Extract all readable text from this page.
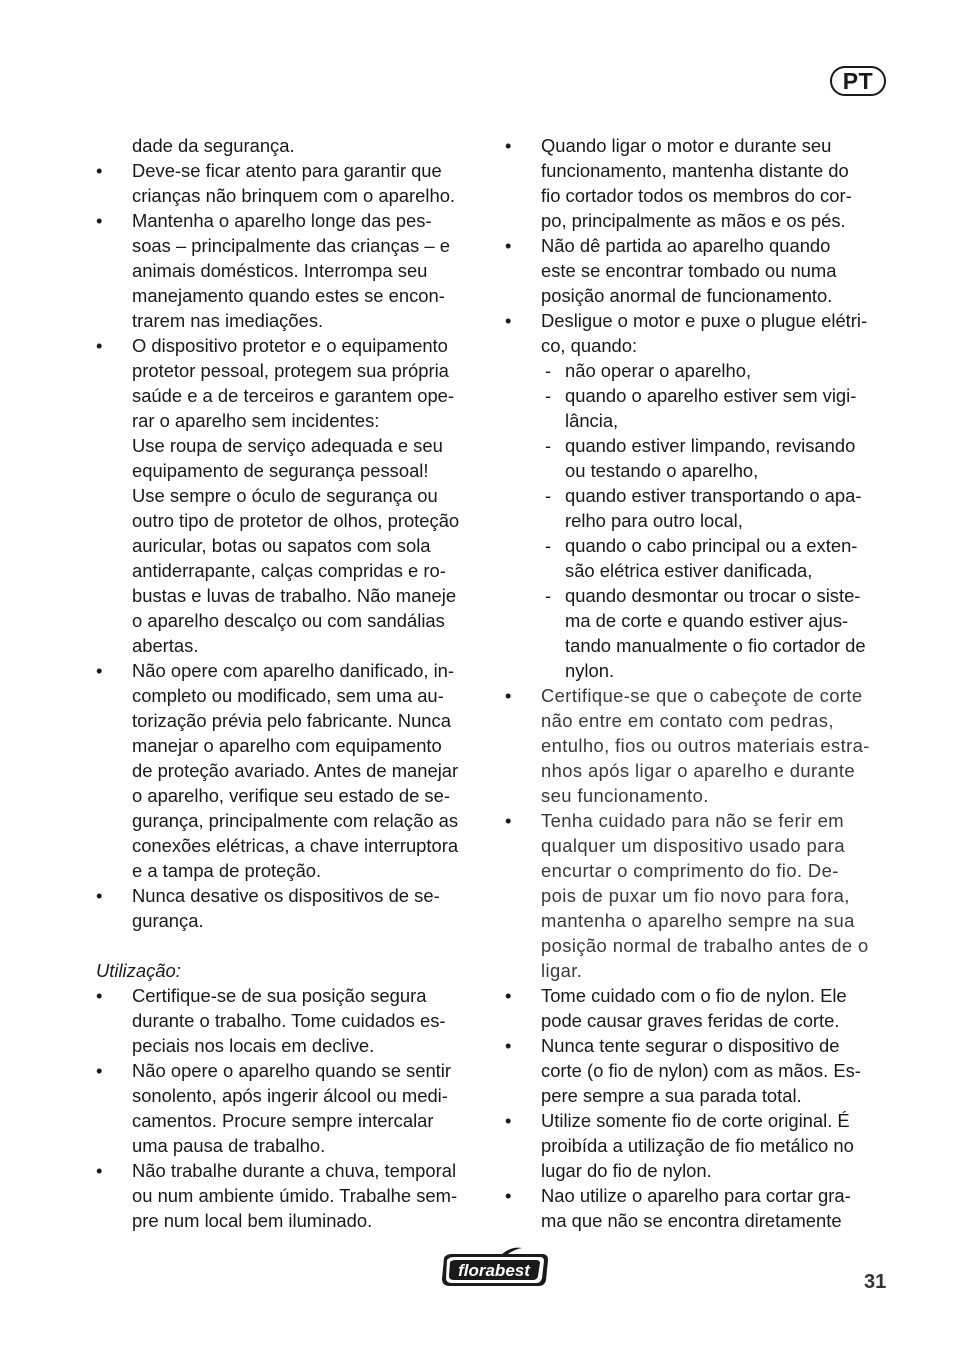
PT
dade da segurança.
• Deve-se ficar atento para garantir que
crianças não brinquem com o aparelho.
• Mantenha o aparelho longe das pes-
soas – principalmente das crianças – e
animais domésticos. Interrompa seu
manejamento quando estes se encon-
trarem nas imediações.
• O dispositivo protetor e o equipamento
protetor pessoal, protegem sua própria
saúde e a de terceiros e garantem ope-
rar o aparelho sem incidentes:
Use roupa de serviço adequada e seu
equipamento de segurança pessoal!
Use sempre o óculo de segurança ou
outro tipo de protetor de olhos, proteção
auricular, botas ou sapatos com sola
antiderrapante, calças compridas e ro-
bustas e luvas de trabalho. Não maneje
o aparelho descalço ou com sandálias
abertas.
• Não opere com aparelho danificado, in-
completo ou modificado, sem uma au-
torização prévia pelo fabricante. Nunca
manejar o aparelho com equipamento
de proteção avariado. Antes de manejar
o aparelho, verifique seu estado de se-
gurança, principalmente com relação as
conexões elétricas, a chave interruptora
e a tampa de proteção.
• Nunca desative os dispositivos de se-
gurança.
Utilização:
• Certifique-se de sua posição segura
durante o trabalho. Tome cuidados es-
peciais nos locais em declive.
• Não opere o aparelho quando se sentir
sonolento, após ingerir álcool ou medi-
camentos. Procure sempre intercalar
uma pausa de trabalho.
• Não trabalhe durante a chuva, temporal
ou num ambiente úmido. Trabalhe sem-
pre num local bem iluminado.
• Quando ligar o motor e durante seu
funcionamento, mantenha distante do
fio cortador todos os membros do cor-
po, principalmente as mãos e os pés.
• Não dê partida ao aparelho quando
este se encontrar tombado ou numa
posição anormal de funcionamento.
• Desligue o motor e puxe o plugue elétri-
co, quando:
- não operar o aparelho,
- quando o aparelho estiver sem vigi-
lância,
- quando estiver limpando, revisando
ou testando o aparelho,
- quando estiver transportando o apa-
relho para outro local,
- quando o cabo principal ou a exten-
são elétrica estiver danificada,
- quando desmontar ou trocar o siste-
ma de corte e quando estiver ajus-
tando manualmente o fio cortador de
nylon.
• Certifique-se que o cabeçote de corte
não entre em contato com pedras,
entulho, fios ou outros materiais estra-
nhos após ligar o aparelho e durante
seu funcionamento.
• Tenha cuidado para não se ferir em
qualquer um dispositivo usado para
encurtar o comprimento do fio. De-
pois de puxar um fio novo para fora,
mantenha o aparelho sempre na sua
posição normal de trabalho antes de o
ligar.
• Tome cuidado com o fio de nylon. Ele
pode causar graves feridas de corte.
• Nunca tente segurar o dispositivo de
corte (o fio de nylon) com as mãos. Es-
pere sempre a sua parada total.
• Utilize somente fio de corte original. É
proibída a utilização de fio metálico no
lugar do fio de nylon.
• Nao utilize o aparelho para cortar gra-
ma que não se encontra diretamente
florabest
31
